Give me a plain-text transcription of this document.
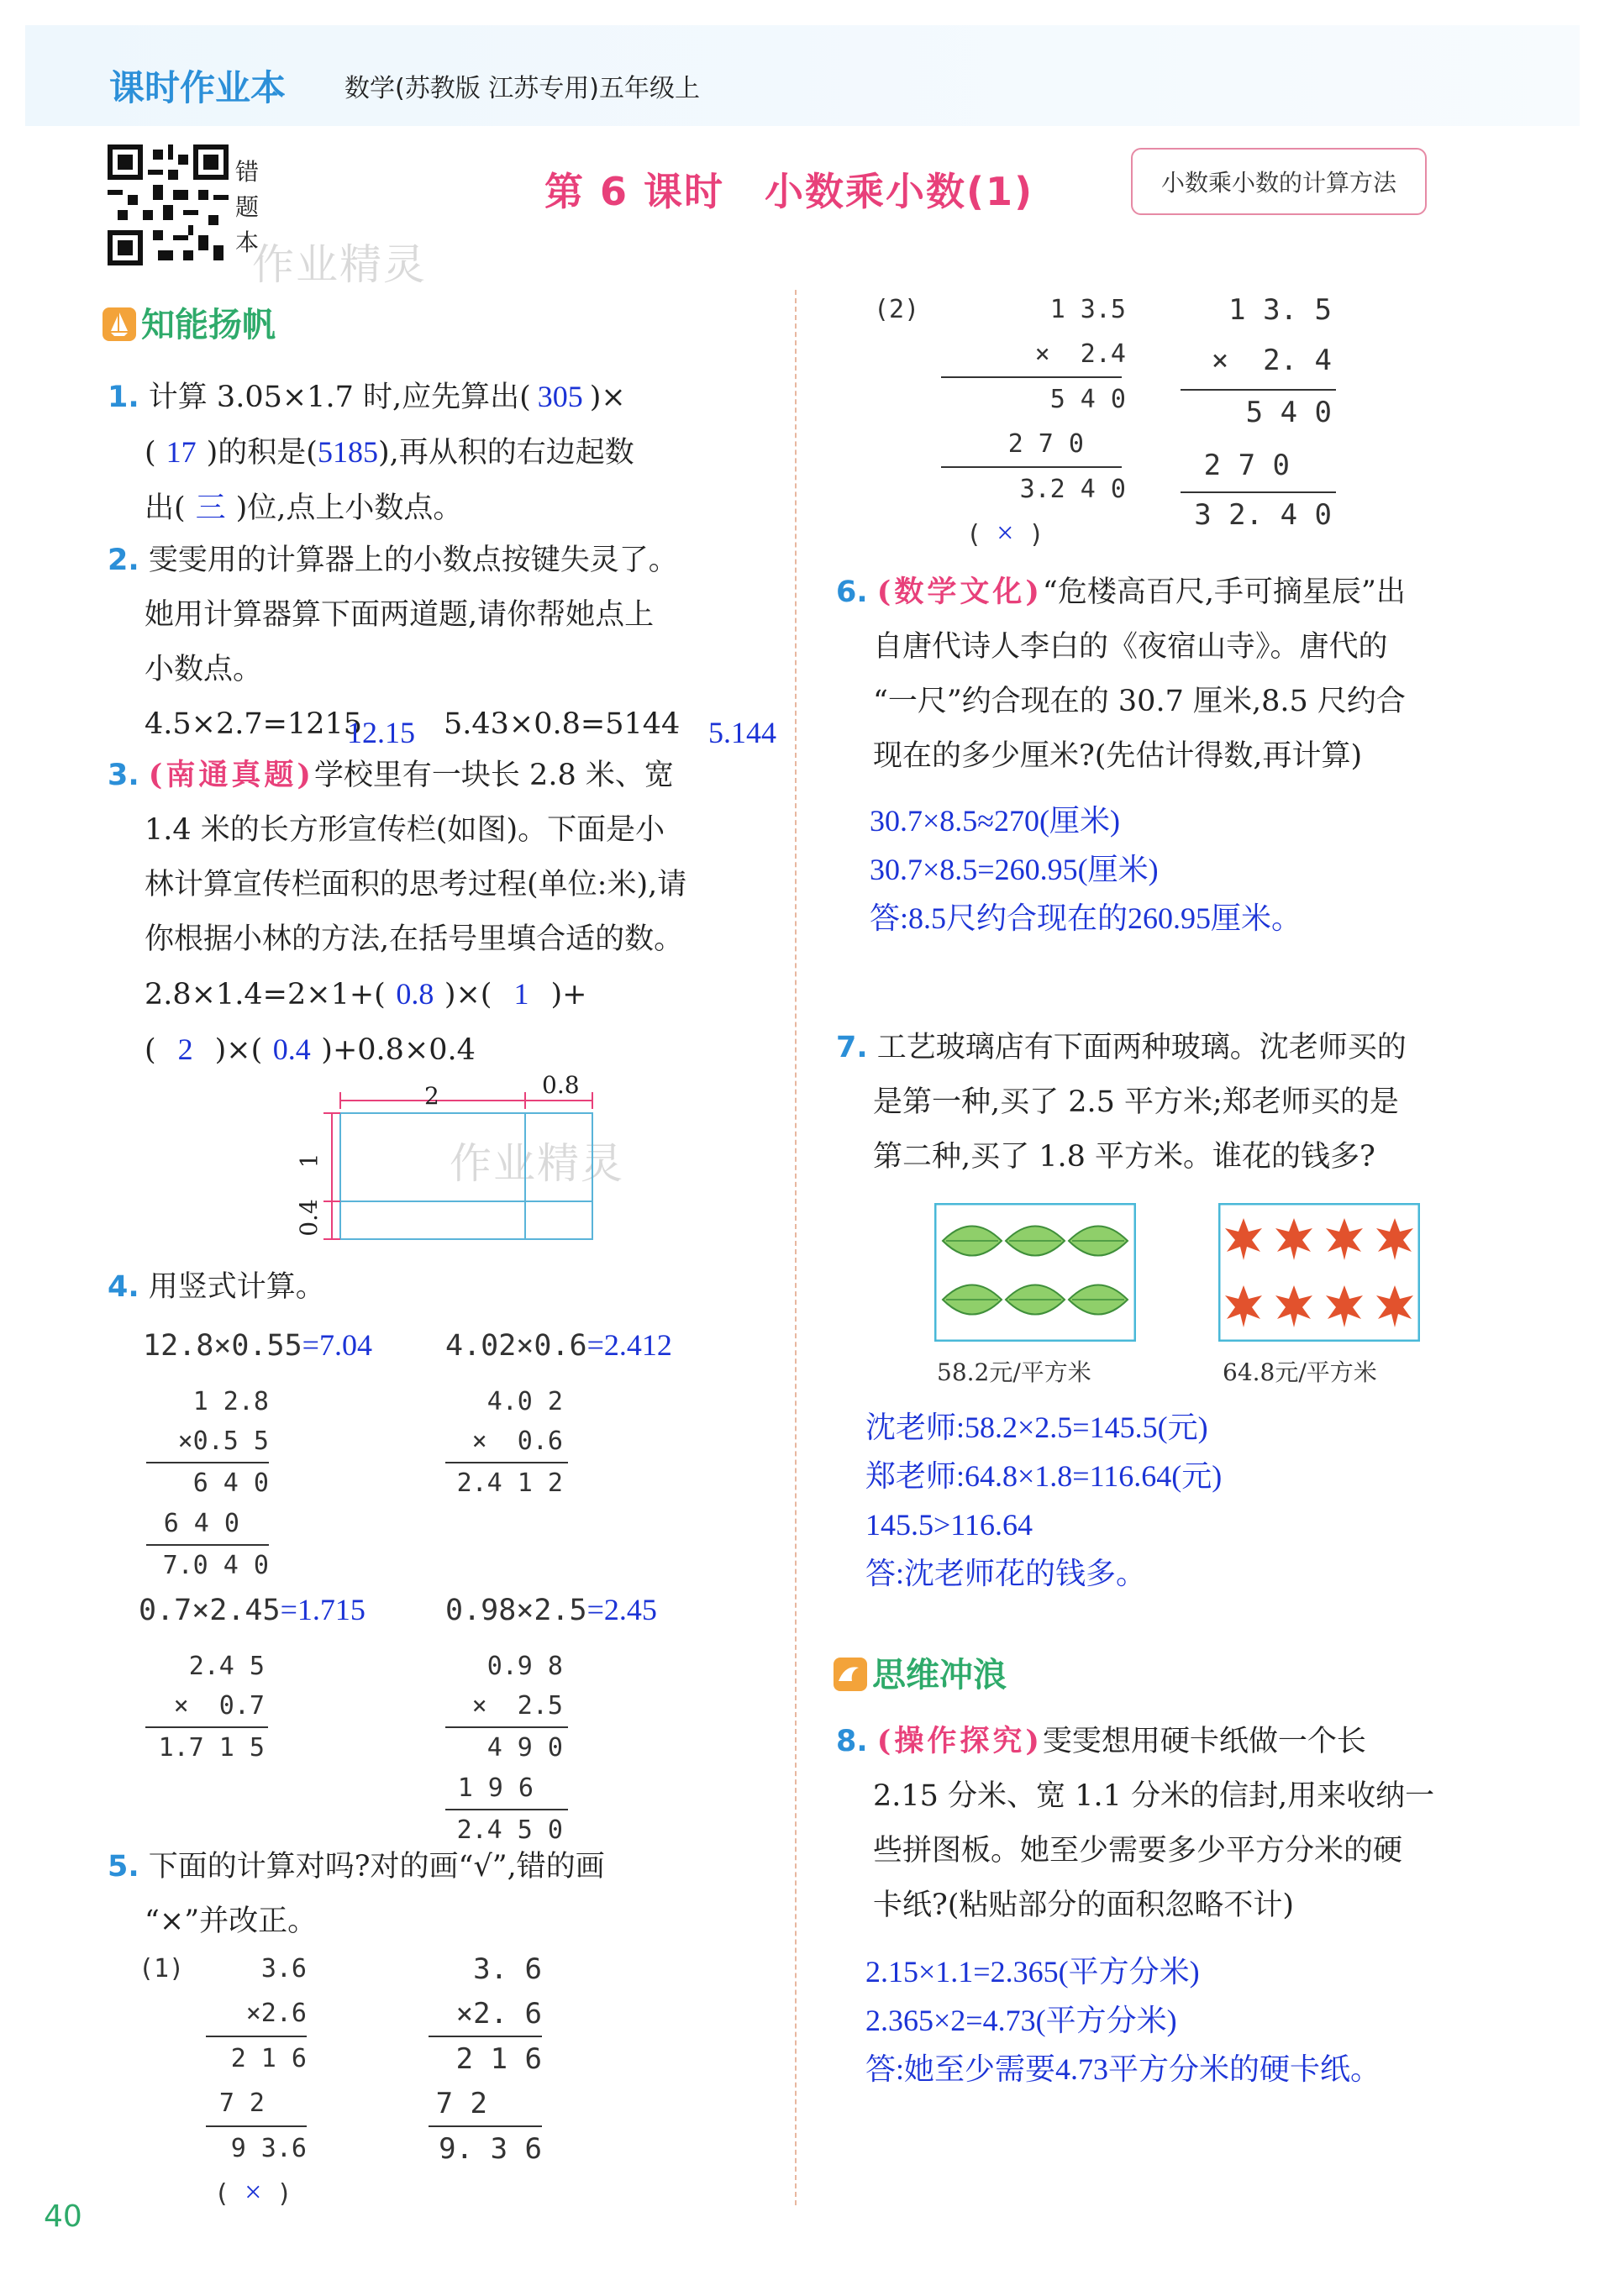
课时作业本 数学(苏教版 江苏专用)五年级上
错
题
本
第 6 课时　小数乘小数(1)	小数乘小数的计算方法
作业精灵
作业精灵
知能扬帆
1. 计算 3.05×1.7 时,应先算出( 305 )×
( 17 )的积是(5185),再从积的右边起数
出( 三 )位,点上小数点。
2. 雯雯用的计算器上的小数点按键失灵了。
她用计算器算下面两道题,请你帮她点上
小数点。
4.5×2.7=1215
12.15 5.43×0.8=5144 5.144
3. (南通真题)学校里有一块长 2.8 米、宽
1.4 米的长方形宣传栏(如图)。下面是小
林计算宣传栏面积的思考过程(单位:米),请
你根据小林的方法,在括号里填合适的数。
2.8×1.4=2×1+( 0.8 )×( 1 )+
( 2 )×( 0.4 )+0.8×0.4
2	0.8
1
0.4
4. 用竖式计算。
12.8×0.55=7.04
1 2.8
×0.5 5
6 4 0
6 4 0
7.0 4 0
4.02×0.6=2.412
4.0 2
×  0.6
2.4 1 2
0.7×2.45=1.715
2.4 5
×  0.7
1.7 1 5
0.98×2.5=2.45
0.9 8
×  2.5
4 9 0
1 9 6
2.4 5 0
5. 下面的计算对吗?对的画“√”,错的画
“×”并改正。
(1)	3.6
×2.6
2 1 6
7 2
9 3.6
( × )
3. 6
×2. 6
2 1 6
7 2
9. 3 6
(2)	1 3.5
×  2.4
5 4 0
2 7 0
3.2 4 0
( × )
1 3. 5
×  2. 4
5 4 0
2 7 0
3 2. 4 0
6. (数学文化)“危楼高百尺,手可摘星辰”出
自唐代诗人李白的《夜宿山寺》。唐代的
“一尺”约合现在的 30.7 厘米,8.5 尺约合
现在的多少厘米?(先估计得数,再计算)
30.7×8.5≈270(厘米)
30.7×8.5=260.95(厘米)
答:8.5尺约合现在的260.95厘米。
7. 工艺玻璃店有下面两种玻璃。沈老师买的
是第一种,买了 2.5 平方米;郑老师买的是
第二种,买了 1.8 平方米。谁花的钱多?
58.2元/平方米	64.8元/平方米
沈老师:58.2×2.5=145.5(元)
郑老师:64.8×1.8=116.64(元)
145.5>116.64
答:沈老师花的钱多。
思维冲浪
8. (操作探究)雯雯想用硬卡纸做一个长
2.15 分米、宽 1.1 分米的信封,用来收纳一
些拼图板。她至少需要多少平方分米的硬
卡纸?(粘贴部分的面积忽略不计)
2.15×1.1=2.365(平方分米)
2.365×2=4.73(平方分米)
答:她至少需要4.73平方分米的硬卡纸。
40
